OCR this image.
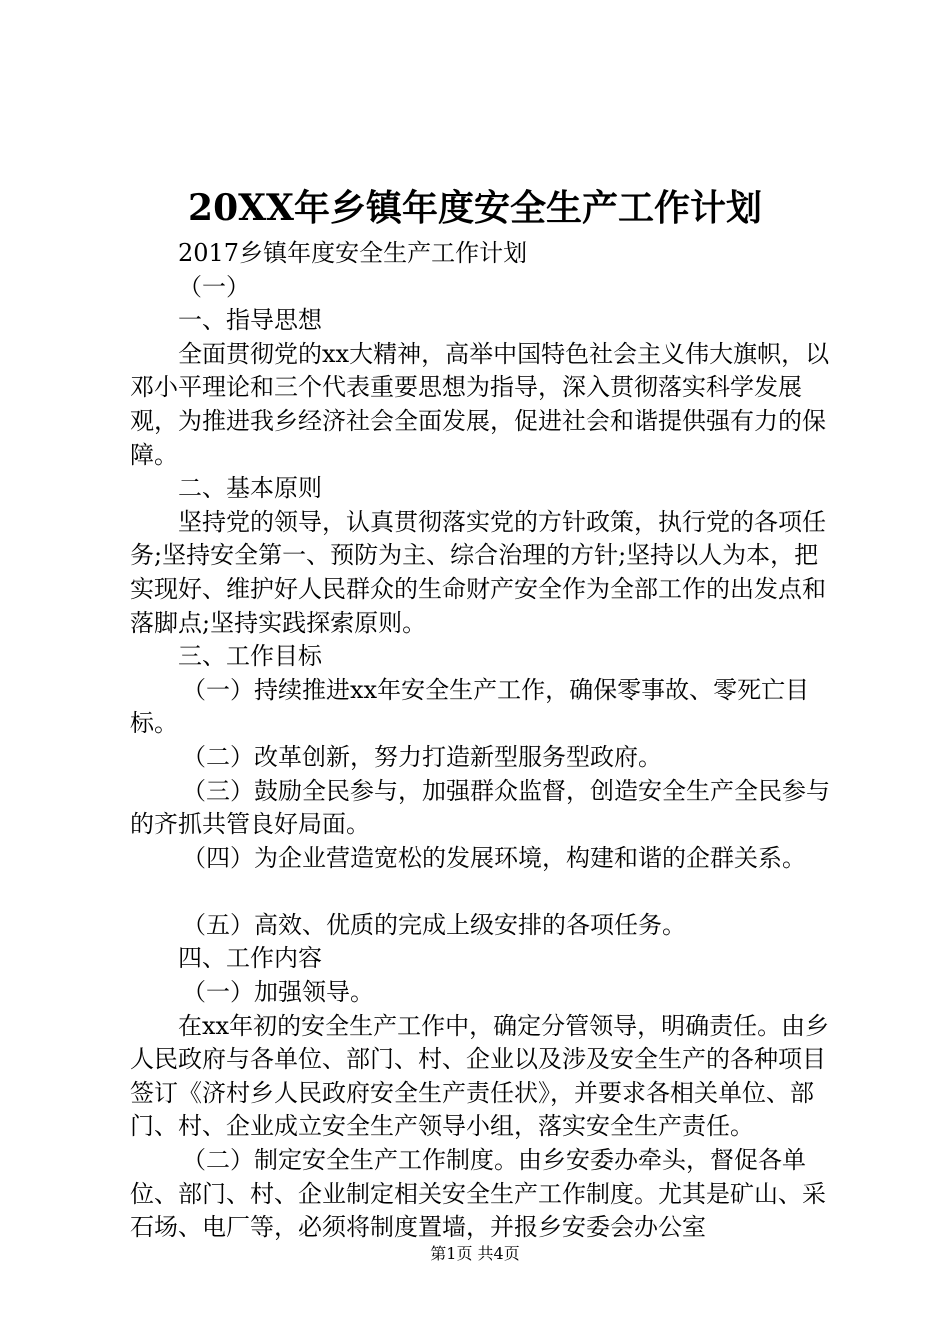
20XX年乡镇年度安全生产工作计划

2017乡镇年度安全生产工作计划

（一）

一、指导思想

全面贯彻党的xx大精神，高举中国特色社会主义伟大旗帜，以邓小平理论和三个代表重要思想为指导，深入贯彻落实科学发展观，为推进我乡经济社会全面发展，促进社会和谐提供强有力的保障。

二、基本原则

坚持党的领导，认真贯彻落实党的方针政策，执行党的各项任务;坚持安全第一、预防为主、综合治理的方针;坚持以人为本，把实现好、维护好人民群众的生命财产安全作为全部工作的出发点和落脚点;坚持实践探索原则。

三、工作目标

（一）持续推进xx年安全生产工作，确保零事故、零死亡目标。

（二）改革创新，努力打造新型服务型政府。

（三）鼓励全民参与，加强群众监督，创造安全生产全民参与的齐抓共管良好局面。

（四）为企业营造宽松的发展环境，构建和谐的企群关系。

（五）高效、优质的完成上级安排的各项任务。

四、工作内容

（一）加强领导。

在xx年初的安全生产工作中，确定分管领导，明确责任。由乡人民政府与各单位、部门、村、企业以及涉及安全生产的各种项目签订《济村乡人民政府安全生产责任状》，并要求各相关单位、部门、村、企业成立安全生产领导小组，落实安全生产责任。

（二）制定安全生产工作制度。由乡安委办牵头，督促各单位、部门、村、企业制定相关安全生产工作制度。尤其是矿山、采石场、电厂等，必须将制度置墙，并报乡安委会办公室

第1页 共4页
